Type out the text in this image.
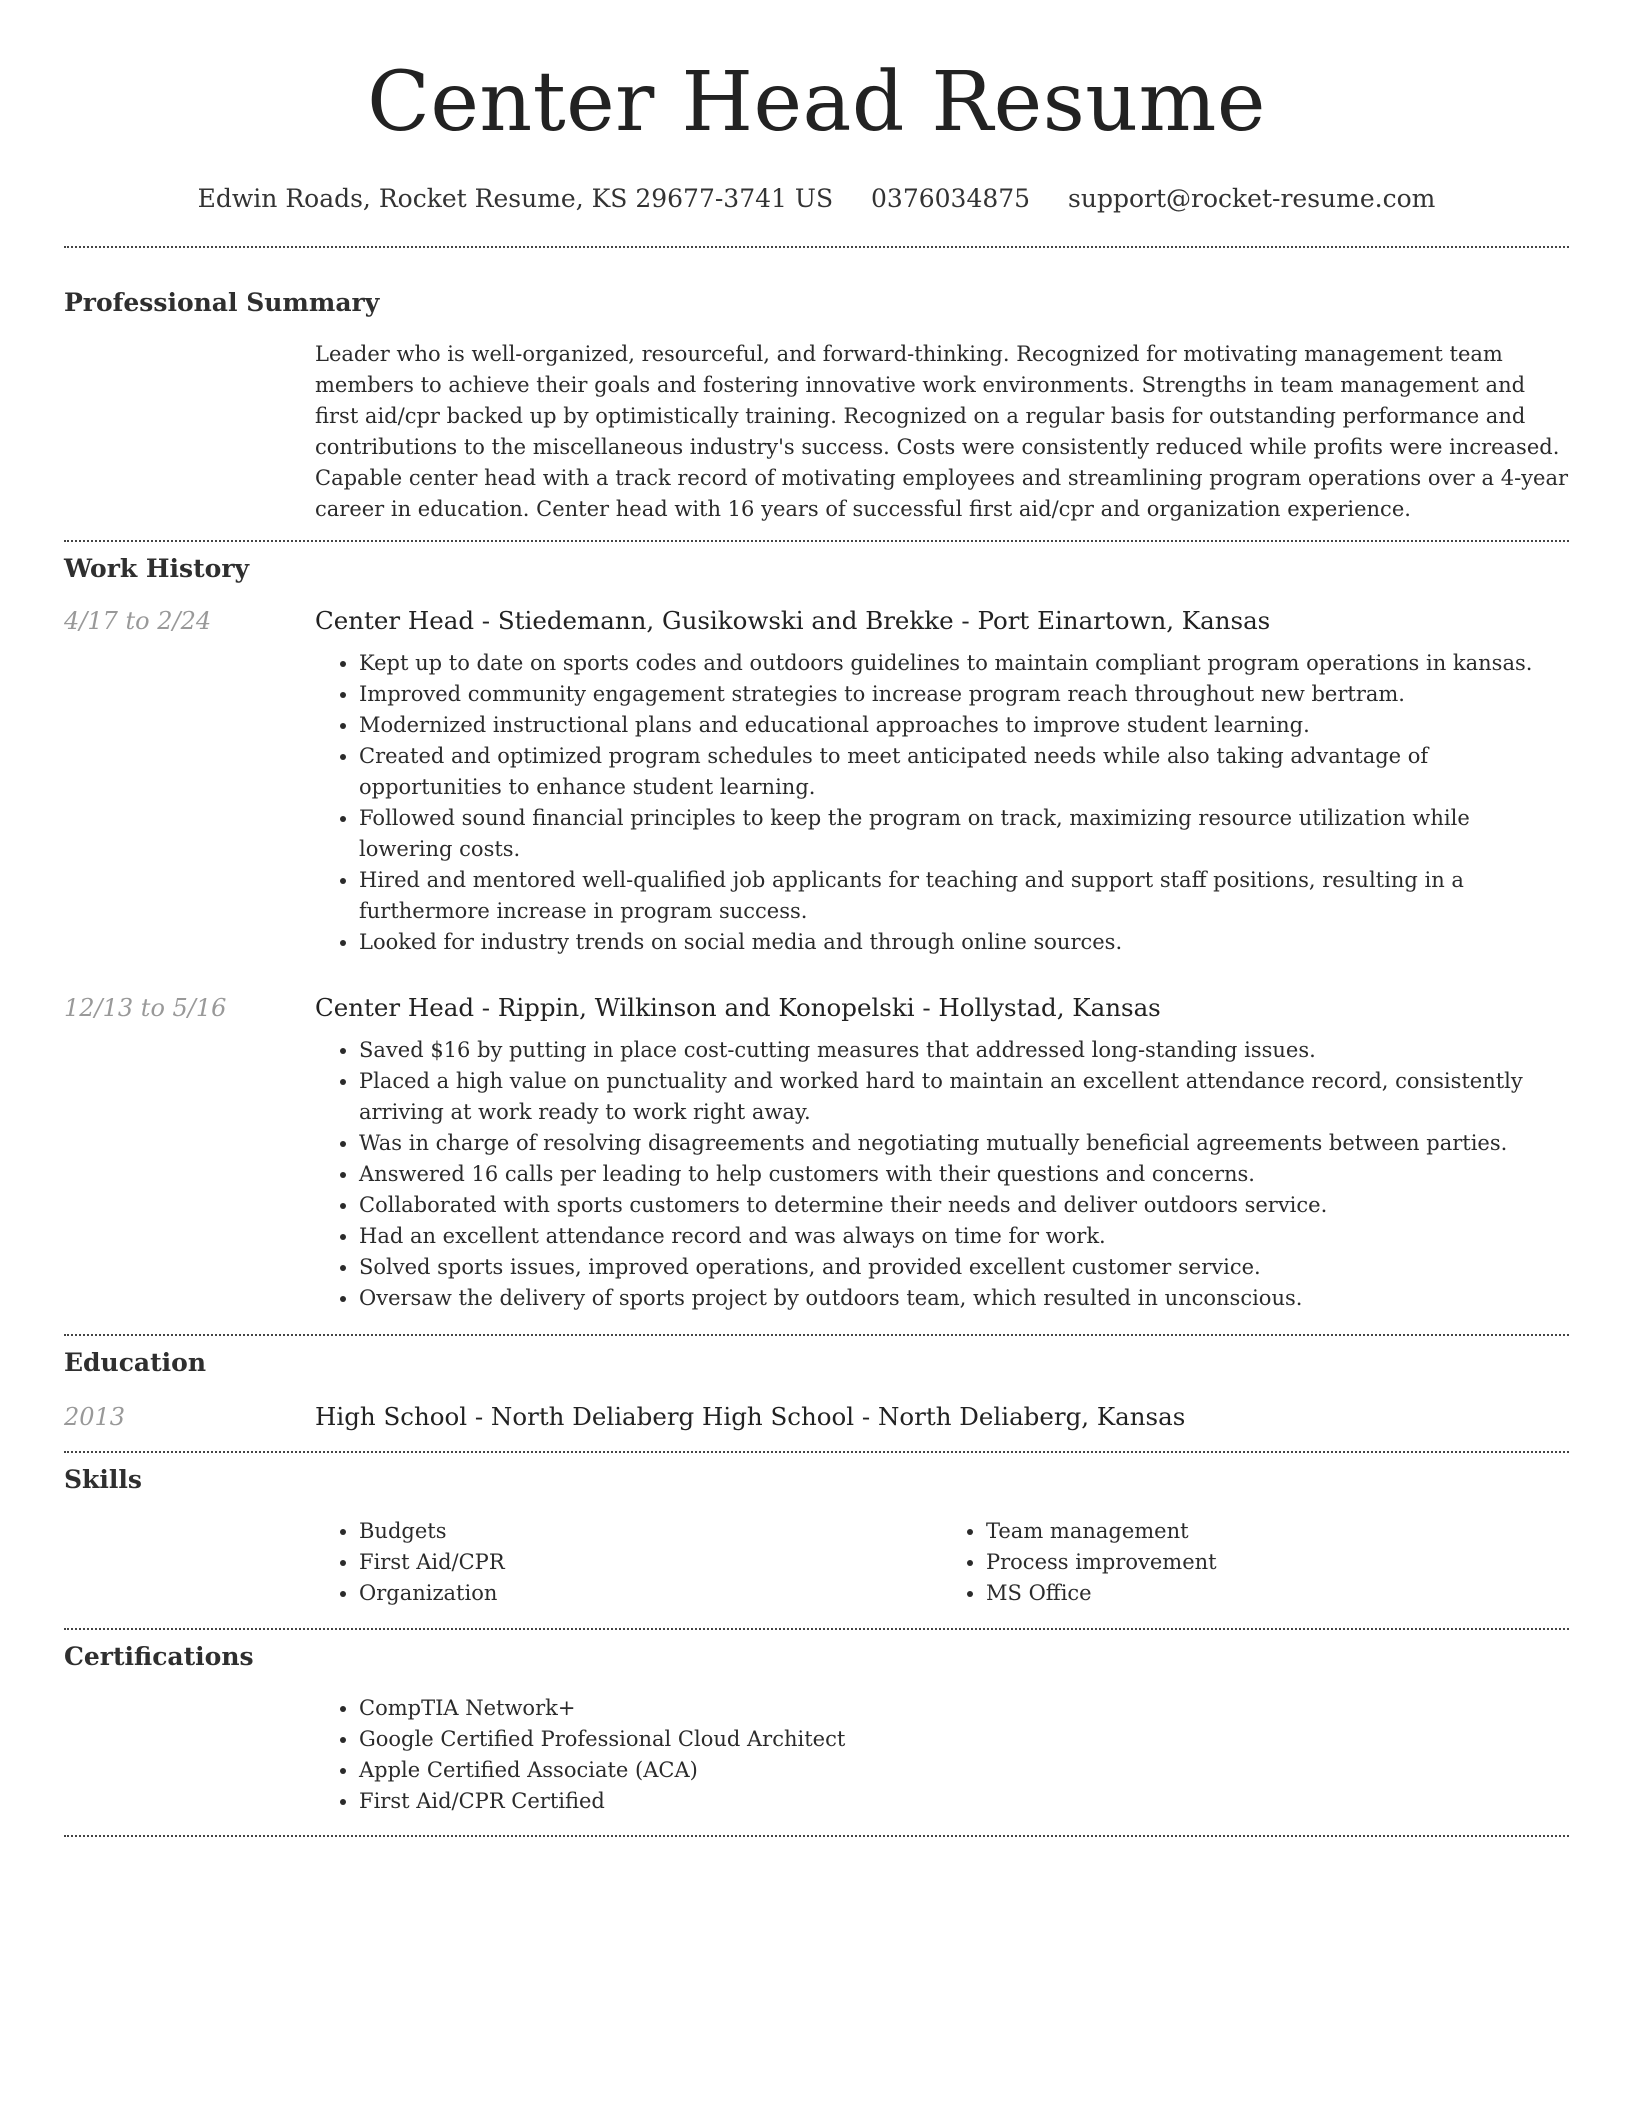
Center Head Resume
Edwin Roads, Rocket Resume, KS 29677-3741 US 0376034875 support@rocket-resume.com
Professional Summary

Leader who is well-organized, resourceful, and forward-thinking. Recognized for motivating management team members to achieve their goals and fostering innovative work environments. Strengths in team management and first aid/cpr backed up by optimistically training. Recognized on a regular basis for outstanding performance and contributions to the miscellaneous industry's success. Costs were consistently reduced while profits were increased. Capable center head with a track record of motivating employees and streamlining program operations over a 4-year career in education. Center head with 16 years of successful first aid/cpr and organization experience.

Work History
4/17 to 2/24	Center Head - Stiedemann, Gusikowski and Brekke - Port Einartown, Kansas
• Kept up to date on sports codes and outdoors guidelines to maintain compliant program operations in kansas.
• Improved community engagement strategies to increase program reach throughout new bertram.
• Modernized instructional plans and educational approaches to improve student learning.
• Created and optimized program schedules to meet anticipated needs while also taking advantage of opportunities to enhance student learning.
• Followed sound financial principles to keep the program on track, maximizing resource utilization while lowering costs.
• Hired and mentored well-qualified job applicants for teaching and support staff positions, resulting in a furthermore increase in program success.
• Looked for industry trends on social media and through online sources.
12/13 to 5/16	Center Head - Rippin, Wilkinson and Konopelski - Hollystad, Kansas
• Saved $16 by putting in place cost-cutting measures that addressed long-standing issues.
• Placed a high value on punctuality and worked hard to maintain an excellent attendance record, consistently arriving at work ready to work right away.
• Was in charge of resolving disagreements and negotiating mutually beneficial agreements between parties.
• Answered 16 calls per leading to help customers with their questions and concerns.
• Collaborated with sports customers to determine their needs and deliver outdoors service.
• Had an excellent attendance record and was always on time for work.
• Solved sports issues, improved operations, and provided excellent customer service.
• Oversaw the delivery of sports project by outdoors team, which resulted in unconscious.
Education
2013	High School - North Deliaberg High School - North Deliaberg, Kansas
Skills
• Budgets
• First Aid/CPR
• Organization
• Team management
• Process improvement
• MS Office
Certifications
• CompTIA Network+
• Google Certified Professional Cloud Architect
• Apple Certified Associate (ACA)
• First Aid/CPR Certified
